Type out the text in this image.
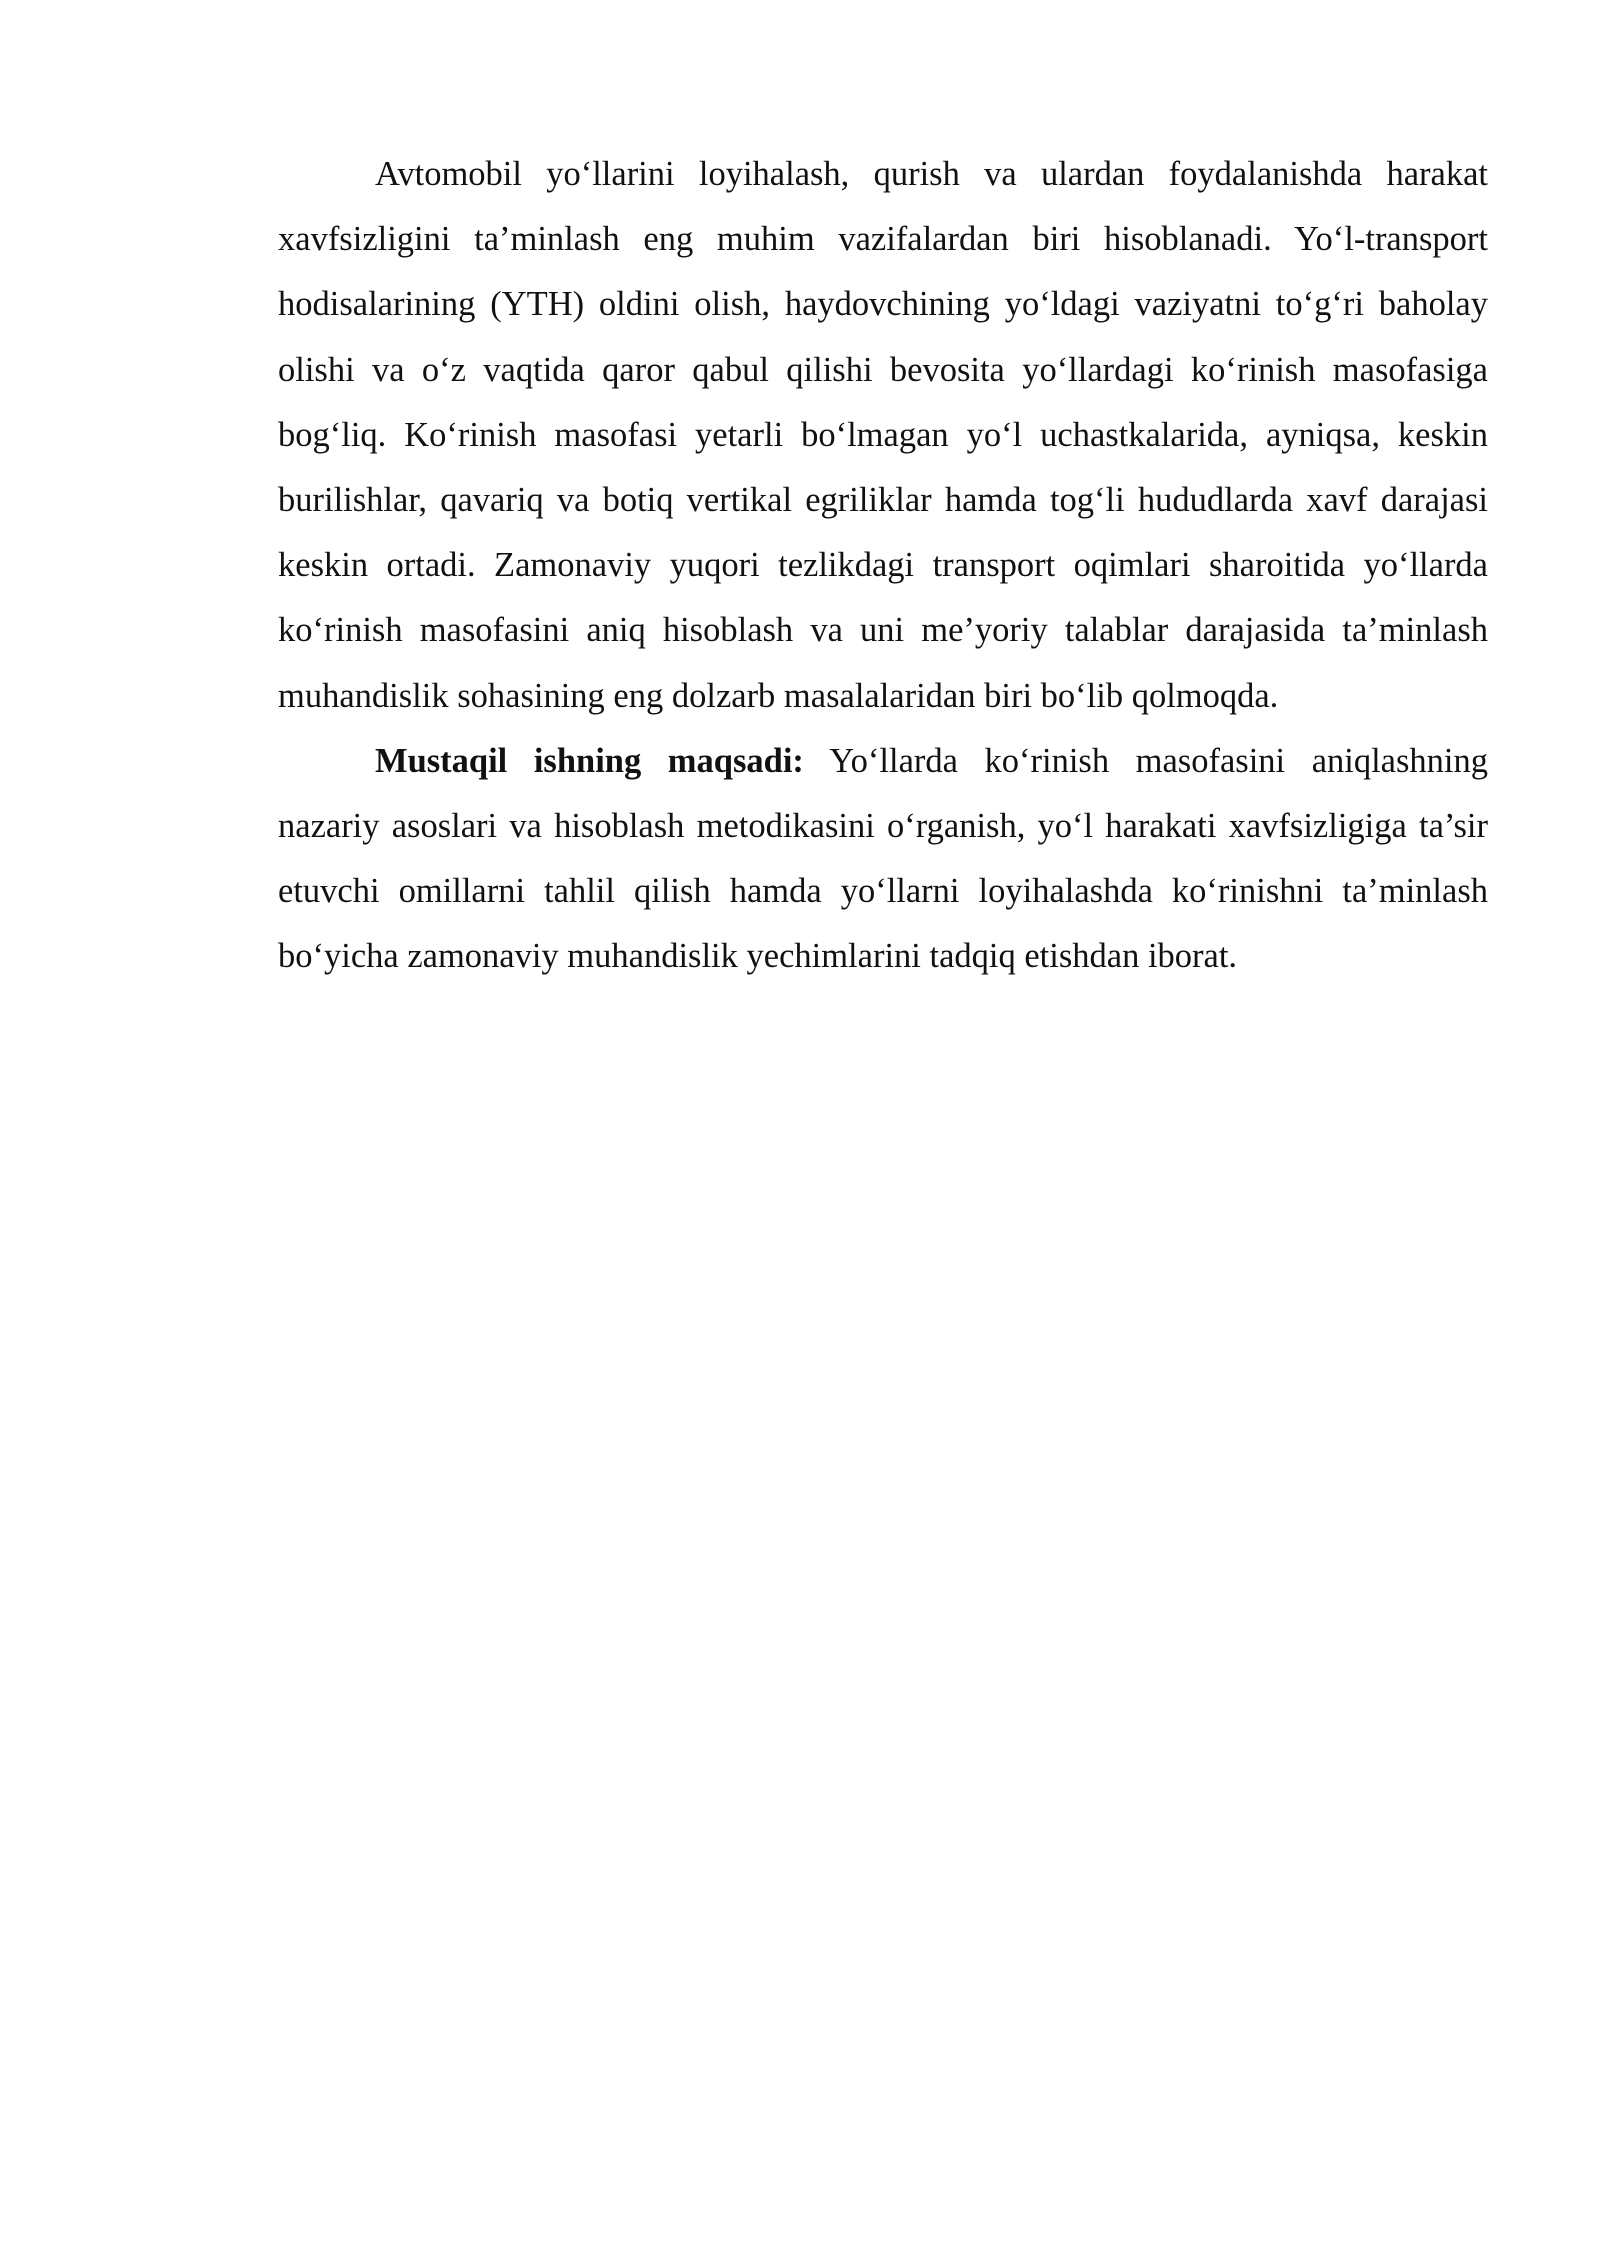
Avtomobil yo‘llarini loyihalash, qurish va ulardan foydalanishda harakat xavfsizligini ta’minlash eng muhim vazifalardan biri hisoblanadi. Yo‘l-transport hodisalarining (YTH) oldini olish, haydovchining yo‘ldagi vaziyatni to‘g‘ri baholay olishi va o‘z vaqtida qaror qabul qilishi bevosita yo‘llardagi ko‘rinish masofasiga bog‘liq. Ko‘rinish masofasi yetarli bo‘lmagan yo‘l uchastkalarida, ayniqsa, keskin burilishlar, qavariq va botiq vertikal egriliklar hamda tog‘li hududlarda xavf darajasi keskin ortadi. Zamonaviy yuqori tezlikdagi transport oqimlari sharoitida yo‘llarda ko‘rinish masofasini aniq hisoblash va uni me’yoriy talablar darajasida ta’minlash muhandislik sohasining eng dolzarb masalalaridan biri bo‘lib qolmoqda.

Mustaqil ishning maqsadi: Yo‘llarda ko‘rinish masofasini aniqlashning nazariy asoslari va hisoblash metodikasini o‘rganish, yo‘l harakati xavfsizligiga ta’sir etuvchi omillarni tahlil qilish hamda yo‘llarni loyihalashda ko‘rinishni ta’minlash bo‘yicha zamonaviy muhandislik yechimlarini tadqiq etishdan iborat.
